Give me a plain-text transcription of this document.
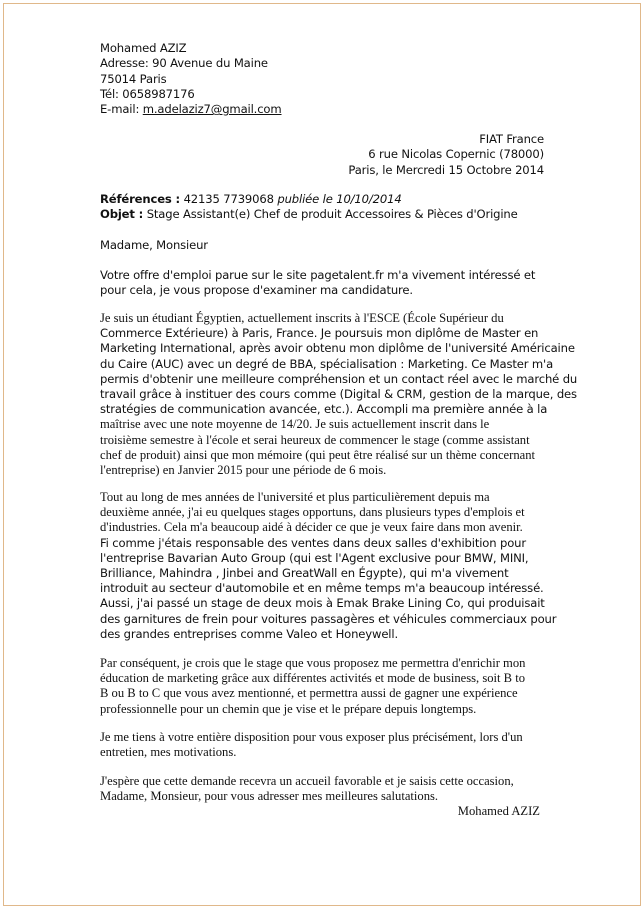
Mohamed AZIZ
Adresse: 90 Avenue du Maine
75014 Paris
Tél: 0658987176
E-mail: m.adelaziz7@gmail.com
FIAT France
6 rue Nicolas Copernic (78000)
Paris, le Mercredi 15 Octobre 2014
Références : 42135 7739068 publiée le 10/10/2014
Objet : Stage Assistant(e) Chef de produit Accessoires & Pièces d'Origine
Madame, Monsieur
Votre offre d'emploi parue sur le site pagetalent.fr m'a vivement intéressé et
pour cela, je vous propose d'examiner ma candidature.
Je suis un étudiant Égyptien, actuellement inscrits à l'ESCE (École Supérieur du
Commerce Extérieure) à Paris, France. Je poursuis mon diplôme de Master en
Marketing International, après avoir obtenu mon diplôme de l'université Américaine
du Caire (AUC) avec un degré de BBA, spécialisation : Marketing. Ce Master m'a
permis d'obtenir une meilleure compréhension et un contact réel avec le marché du
travail grâce à instituer des cours comme (Digital & CRM, gestion de la marque, des
stratégies de communication avancée, etc.). Accompli ma première année à la
maîtrise avec une note moyenne de 14/20. Je suis actuellement inscrit dans le
troisième semestre à l'école et serai heureux de commencer le stage (comme assistant
chef de produit) ainsi que mon mémoire (qui peut être réalisé sur un thème concernant
l'entreprise) en Janvier 2015 pour une période de 6 mois.
Tout au long de mes années de l'université et plus particulièrement depuis ma
deuxième année, j'ai eu quelques stages opportuns, dans plusieurs types d'emplois et
d'industries. Cela m'a beaucoup aidé à décider ce que je veux faire dans mon avenir.
Fi comme j'étais responsable des ventes dans deux salles d'exhibition pour
l'entreprise Bavarian Auto Group (qui est l'Agent exclusive pour BMW, MINI,
Brilliance, Mahindra , Jinbei and GreatWall en Égypte), qui m'a vivement
introduit au secteur d'automobile et en même temps m'a beaucoup intéressé.
Aussi, j'ai passé un stage de deux mois à Emak Brake Lining Co, qui produisait
des garnitures de frein pour voitures passagères et véhicules commerciaux pour
des grandes entreprises comme Valeo et Honeywell.
Par conséquent, je crois que le stage que vous proposez me permettra d'enrichir mon
éducation de marketing grâce aux différentes activités et mode de business, soit B to
B ou B to C que vous avez mentionné, et permettra aussi de gagner une expérience
professionnelle pour un chemin que je vise et le prépare depuis longtemps.
Je me tiens à votre entière disposition pour vous exposer plus précisément, lors d'un
entretien, mes motivations.
J'espère que cette demande recevra un accueil favorable et je saisis cette occasion,
Madame, Monsieur, pour vous adresser mes meilleures salutations.
Mohamed AZIZ
